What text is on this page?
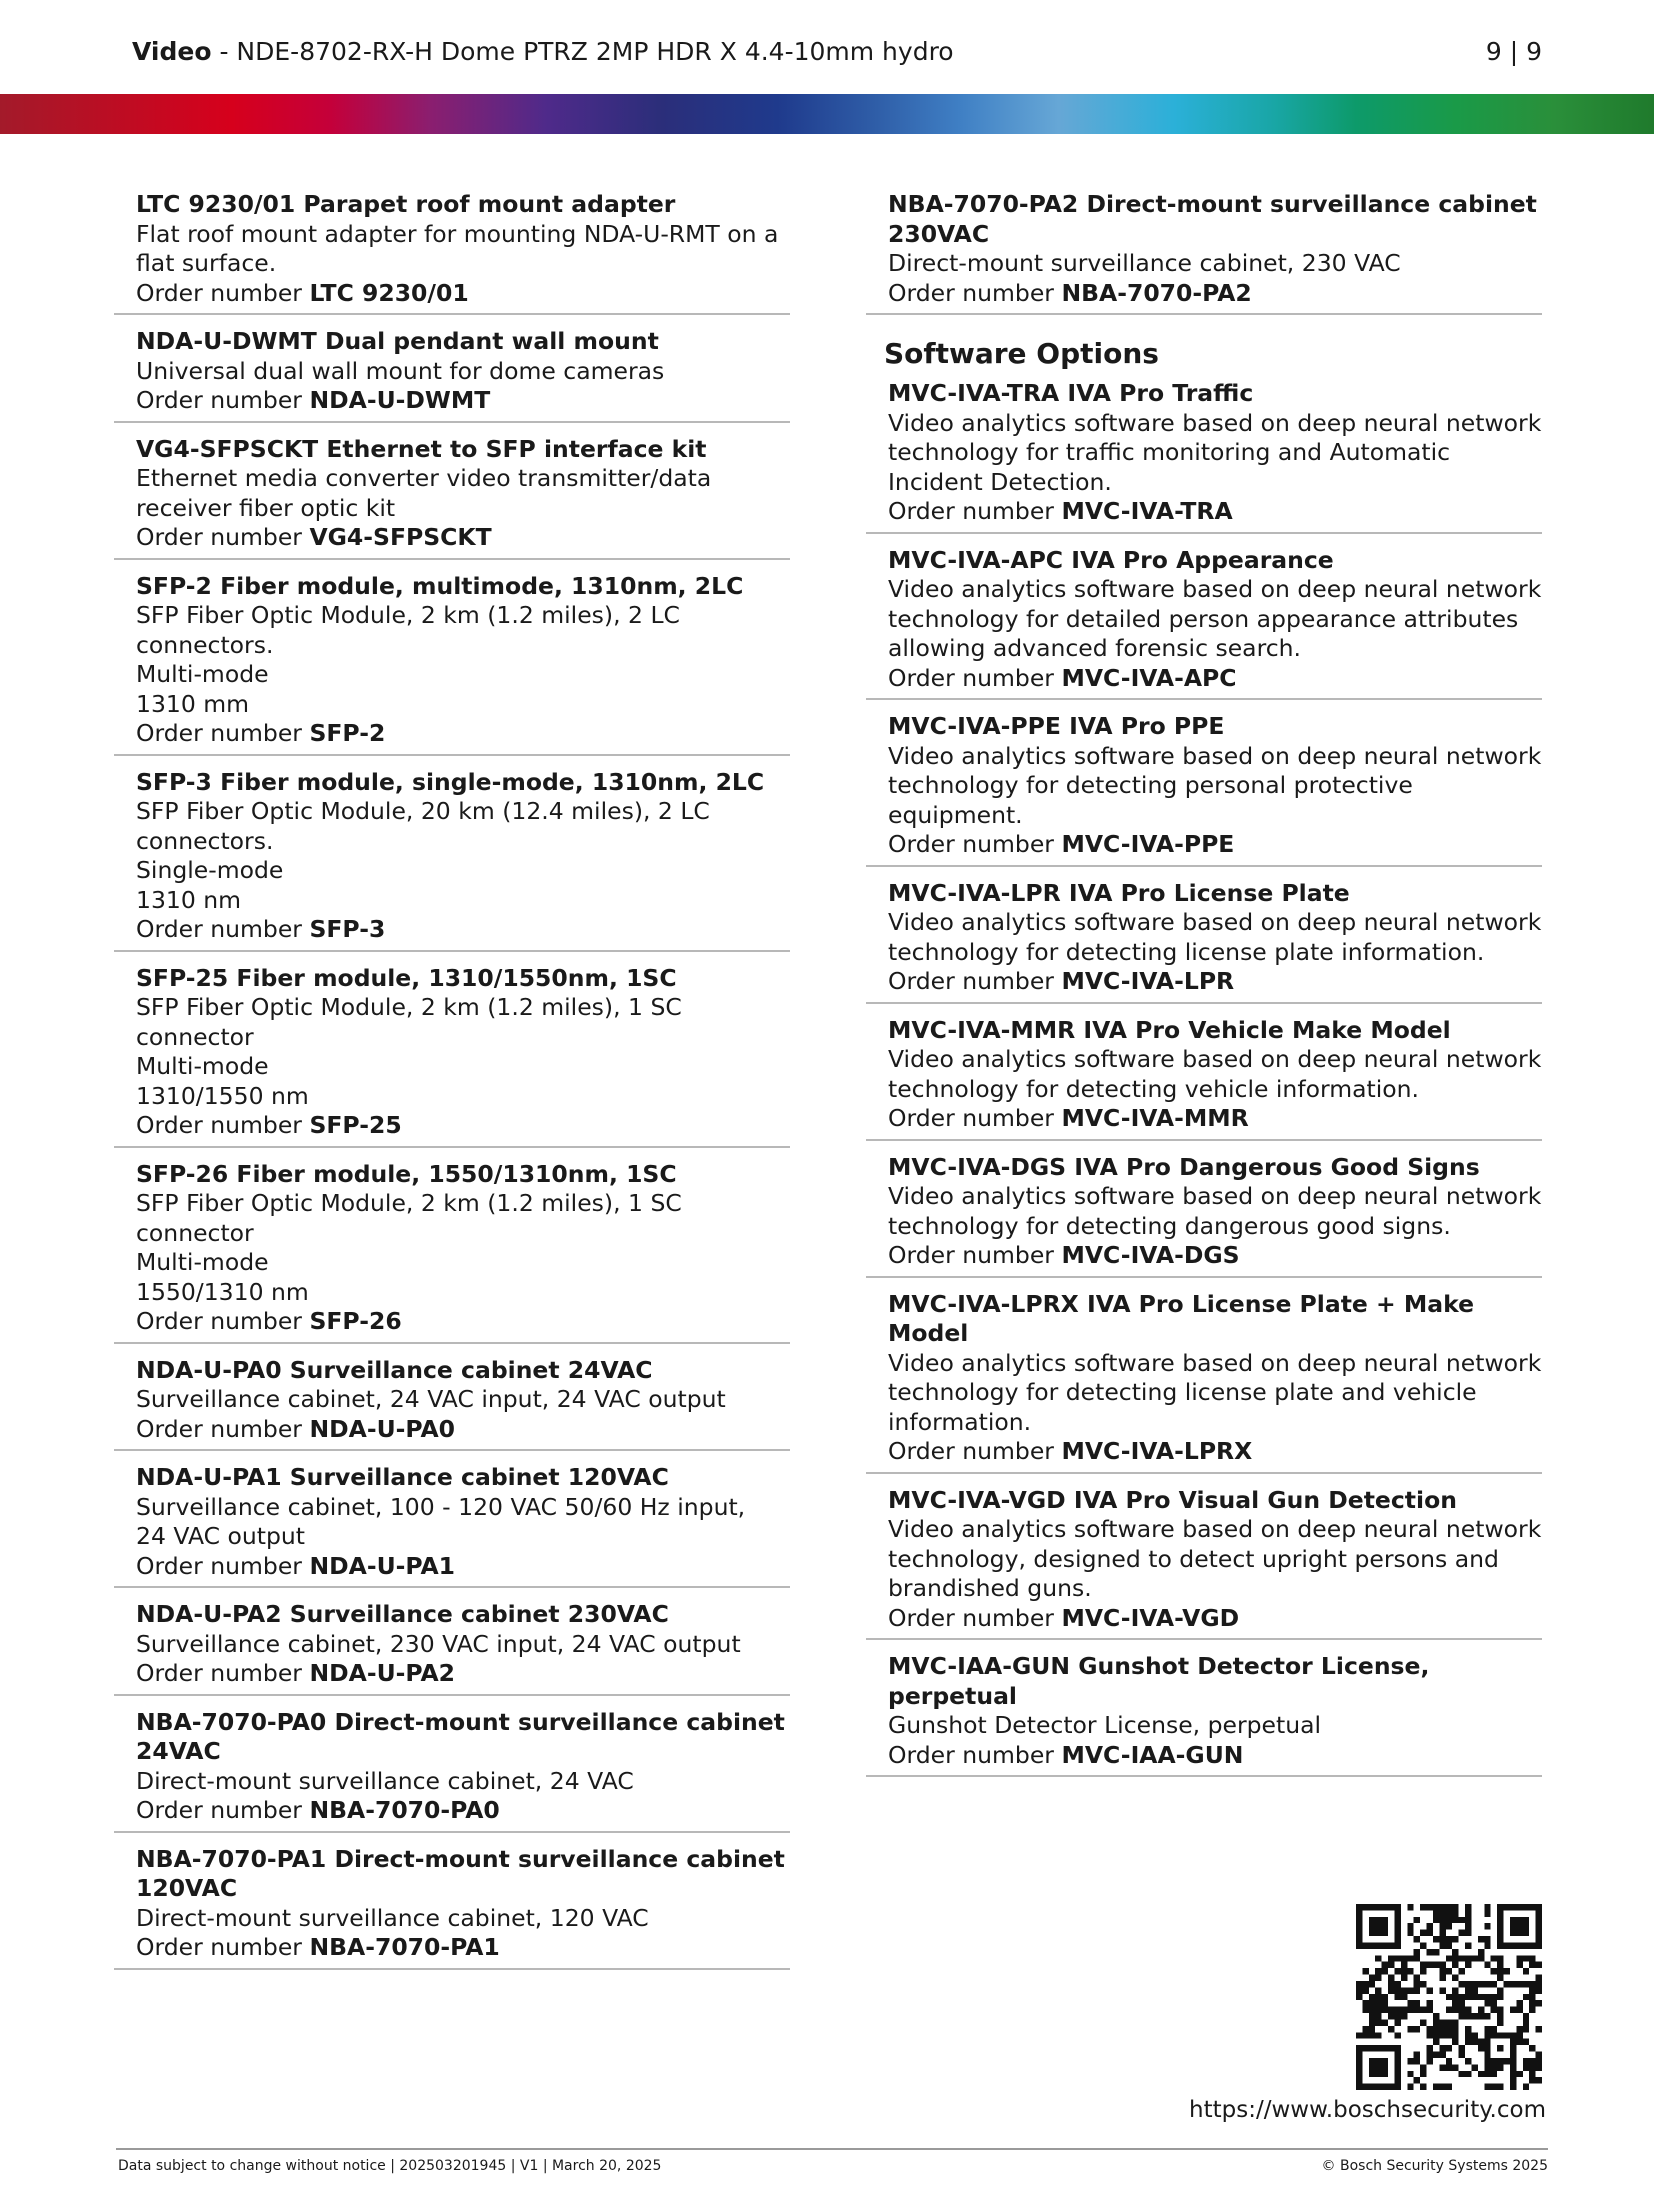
Video - NDE-8702-RX-H Dome PTRZ 2MP HDR X 4.4-10mm hydro	9 | 9

LTC 9230/01 Parapet roof mount adapter

Flat roof mount adapter for mounting NDA-U-RMT on a

flat surface.

Order number LTC 9230/01

NDA-U-DWMT Dual pendant wall mount

Universal dual wall mount for dome cameras

Order number NDA-U-DWMT

VG4-SFPSCKT Ethernet to SFP interface kit

Ethernet media converter video transmitter/data

receiver fiber optic kit

Order number VG4-SFPSCKT

SFP-2 Fiber module, multimode, 1310nm, 2LC

SFP Fiber Optic Module, 2 km (1.2 miles), 2 LC

connectors.

Multi-mode

1310 mm

Order number SFP-2

SFP-3 Fiber module, single-mode, 1310nm, 2LC

SFP Fiber Optic Module, 20 km (12.4 miles), 2 LC

connectors.

Single-mode

1310 nm

Order number SFP-3

SFP-25 Fiber module, 1310/1550nm, 1SC

SFP Fiber Optic Module, 2 km (1.2 miles), 1 SC

connector

Multi-mode

1310/1550 nm

Order number SFP-25

SFP-26 Fiber module, 1550/1310nm, 1SC

SFP Fiber Optic Module, 2 km (1.2 miles), 1 SC

connector

Multi-mode

1550/1310 nm

Order number SFP-26

NDA-U-PA0 Surveillance cabinet 24VAC

Surveillance cabinet, 24 VAC input, 24 VAC output

Order number NDA-U-PA0

NDA-U-PA1 Surveillance cabinet 120VAC

Surveillance cabinet, 100 - 120 VAC 50/60 Hz input,

24 VAC output

Order number NDA-U-PA1

NDA-U-PA2 Surveillance cabinet 230VAC

Surveillance cabinet, 230 VAC input, 24 VAC output

Order number NDA-U-PA2

NBA-7070-PA0 Direct-mount surveillance cabinet 24VAC

Direct-mount surveillance cabinet, 24 VAC

Order number NBA-7070-PA0

NBA-7070-PA1 Direct-mount surveillance cabinet 120VAC

Direct-mount surveillance cabinet, 120 VAC

Order number NBA-7070-PA1

NBA-7070-PA2 Direct-mount surveillance cabinet 230VAC

Direct-mount surveillance cabinet, 230 VAC

Order number NBA-7070-PA2

Software Options

MVC-IVA-TRA IVA Pro Traffic

Video analytics software based on deep neural network

technology for traffic monitoring and Automatic

Incident Detection.

Order number MVC-IVA-TRA

MVC-IVA-APC IVA Pro Appearance

Video analytics software based on deep neural network

technology for detailed person appearance attributes

allowing advanced forensic search.

Order number MVC-IVA-APC

MVC-IVA-PPE IVA Pro PPE

Video analytics software based on deep neural network

technology for detecting personal protective

equipment.

Order number MVC-IVA-PPE

MVC-IVA-LPR IVA Pro License Plate

Video analytics software based on deep neural network

technology for detecting license plate information.

Order number MVC-IVA-LPR

MVC-IVA-MMR IVA Pro Vehicle Make Model

Video analytics software based on deep neural network

technology for detecting vehicle information.

Order number MVC-IVA-MMR

MVC-IVA-DGS IVA Pro Dangerous Good Signs

Video analytics software based on deep neural network

technology for detecting dangerous good signs.

Order number MVC-IVA-DGS

MVC-IVA-LPRX IVA Pro License Plate + Make Model

Video analytics software based on deep neural network

technology for detecting license plate and vehicle

information.

Order number MVC-IVA-LPRX

MVC-IVA-VGD IVA Pro Visual Gun Detection

Video analytics software based on deep neural network

technology, designed to detect upright persons and

brandished guns.

Order number MVC-IVA-VGD

MVC-IAA-GUN Gunshot Detector License, perpetual

Gunshot Detector License, perpetual

Order number MVC-IAA-GUN

https://www.boschsecurity.com
Data subject to change without notice | 202503201945 | V1 | March 20, 2025	© Bosch Security Systems 2025
